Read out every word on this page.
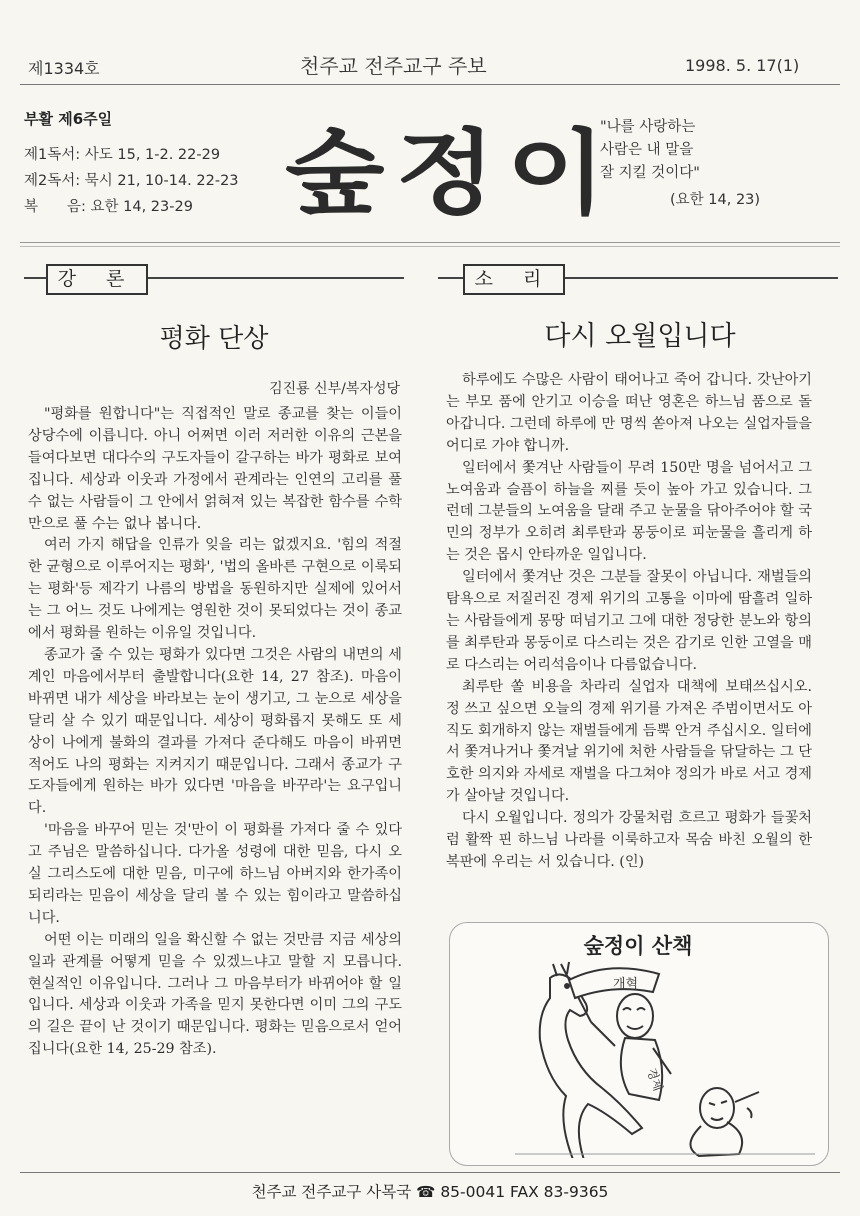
제1334호	천주교 전주교구 주보	1998. 5. 17(1)
부활 제6주일
제1독서: 사도 15, 1-2. 22-29
제2독서: 묵시 21, 10-14. 22-23
복　　음: 요한 14, 23-29	숲정이
"나를 사랑하는
사람은 내 말을
잘 지킬 것이다"
(요한 14, 23)
강 론
평화 단상
김진룡 신부/복자성당

"평화를 원합니다"는 직접적인 말로 종교를 찾는 이들이 상당수에 이릅니다. 아니 어쩌면 이러 저러한 이유의 근본을 들여다보면 대다수의 구도자들이 갈구하는 바가 평화로 보여집니다. 세상과 이웃과 가정에서 관계라는 인연의 고리를 풀 수 없는 사람들이 그 안에서 얽혀져 있는 복잡한 함수를 수학만으로 풀 수는 없나 봅니다.

여러 가지 해답을 인류가 잊을 리는 없겠지요. '힘의 적절한 균형으로 이루어지는 평화', '법의 올바른 구현으로 이룩되는 평화'등 제각기 나름의 방법을 동원하지만 실제에 있어서는 그 어느 것도 나에게는 영원한 것이 못되었다는 것이 종교에서 평화를 원하는 이유일 것입니다.

종교가 줄 수 있는 평화가 있다면 그것은 사람의 내면의 세계인 마음에서부터 출발합니다(요한 14, 27 참조). 마음이 바뀌면 내가 세상을 바라보는 눈이 생기고, 그 눈으로 세상을 달리 살 수 있기 때문입니다. 세상이 평화롭지 못해도 또 세상이 나에게 불화의 결과를 가져다 준다해도 마음이 바뀌면 적어도 나의 평화는 지켜지기 때문입니다. 그래서 종교가 구도자들에게 원하는 바가 있다면 '마음을 바꾸라'는 요구입니다.

'마음을 바꾸어 믿는 것'만이 이 평화를 가져다 줄 수 있다고 주님은 말씀하십니다. 다가올 성령에 대한 믿음, 다시 오실 그리스도에 대한 믿음, 미구에 하느님 아버지와 한가족이 되리라는 믿음이 세상을 달리 볼 수 있는 힘이라고 말씀하십니다.

어떤 이는 미래의 일을 확신할 수 없는 것만큼 지금 세상의 일과 관계를 어떻게 믿을 수 있겠느냐고 말할 지 모릅니다. 현실적인 이유입니다. 그러나 그 마음부터가 바뀌어야 할 일입니다. 세상과 이웃과 가족을 믿지 못한다면 이미 그의 구도의 길은 끝이 난 것이기 때문입니다. 평화는 믿음으로서 얻어집니다(요한 14, 25-29 참조).

소 리
다시 오월입니다

하루에도 수많은 사람이 태어나고 죽어 갑니다. 갓난아기는 부모 품에 안기고 이승을 떠난 영혼은 하느님 품으로 돌아갑니다. 그런데 하루에 만 명씩 쏟아져 나오는 실업자들을 어디로 가야 합니까.

일터에서 쫓겨난 사람들이 무려 150만 명을 넘어서고 그 노여움과 슬픔이 하늘을 찌를 듯이 높아 가고 있습니다. 그런데 그분들의 노여움을 달래 주고 눈물을 닦아주어야 할 국민의 정부가 오히려 최루탄과 몽둥이로 피눈물을 흘리게 하는 것은 몹시 안타까운 일입니다.

일터에서 쫓겨난 것은 그분들 잘못이 아닙니다. 재벌들의 탐욕으로 저질러진 경제 위기의 고통을 이마에 땀흘려 일하는 사람들에게 몽땅 떠넘기고 그에 대한 정당한 분노와 항의를 최루탄과 몽둥이로 다스리는 것은 감기로 인한 고열을 매로 다스리는 어리석음이나 다름없습니다.

최루탄 쏠 비용을 차라리 실업자 대책에 보태쓰십시오. 정 쓰고 싶으면 오늘의 경제 위기를 가져온 주범이면서도 아직도 회개하지 않는 재벌들에게 듬뿍 안겨 주십시오. 일터에서 쫓겨나거나 쫓겨날 위기에 처한 사람들을 닦달하는 그 단호한 의지와 자세로 재벌을 다그쳐야 정의가 바로 서고 경제가 살아날 것입니다.

다시 오월입니다. 정의가 강물처럼 흐르고 평화가 들꽃처럼 활짝 핀 하느님 나라를 이룩하고자 목숨 바친 오월의 한복판에 우리는 서 있습니다. (인)

숲정이 산책
개혁
경제
천주교 전주교구 사목국 ☎ 85-0041 FAX 83-9365
